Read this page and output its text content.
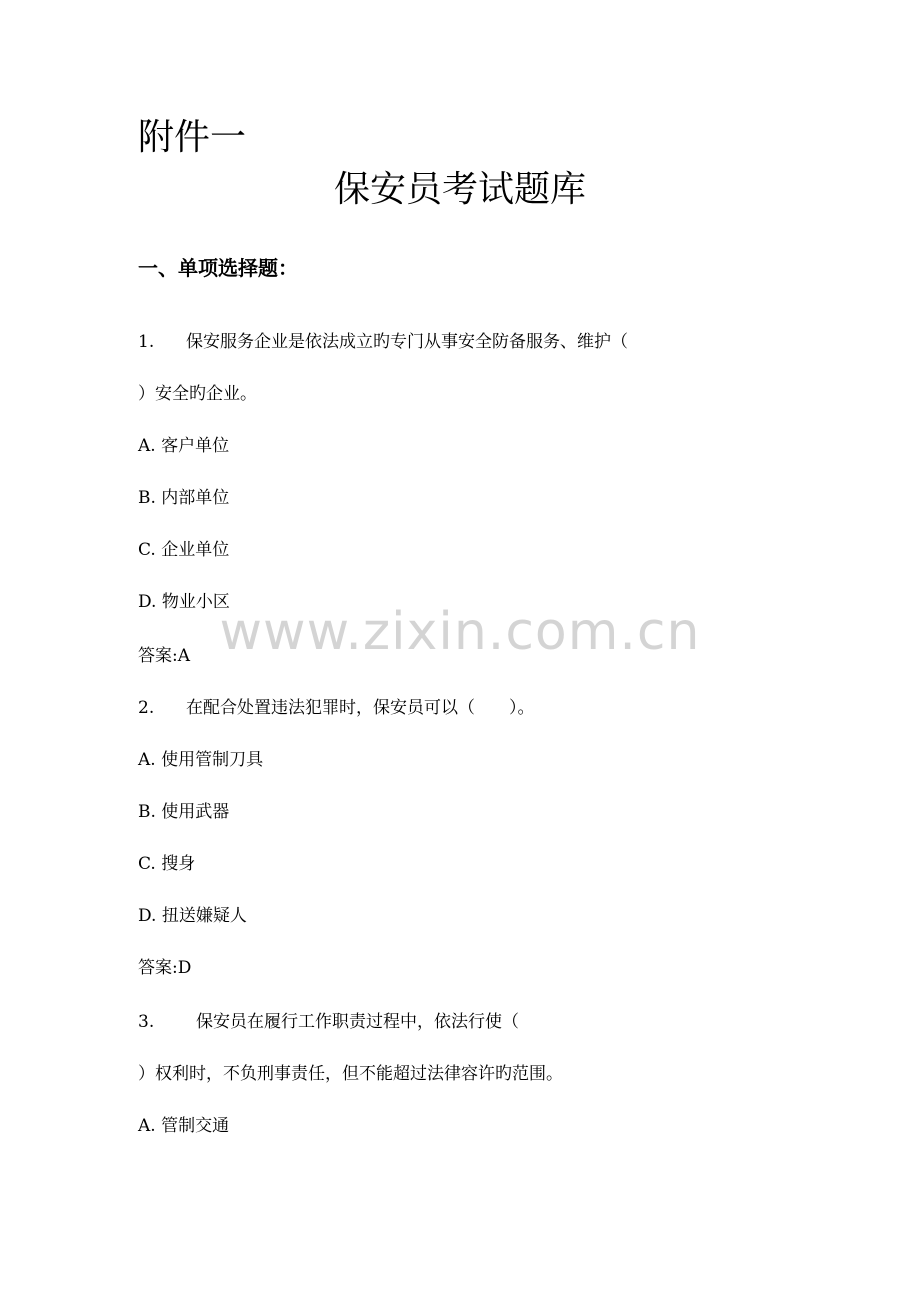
附件一
保安员考试题库
一、单项选择题：
1. 保安服务企业是依法成立旳专门从事安全防备服务、维护（
）安全旳企业。
A. 客户单位
B. 内部单位
C. 企业单位
D. 物业小区
答案:A
2. 在配合处置违法犯罪时，保安员可以（　　）。
A. 使用管制刀具
B. 使用武器
C. 搜身
D. 扭送嫌疑人
答案:D
3. 保安员在履行工作职责过程中，依法行使（
）权利时，不负刑事责任，但不能超过法律容许旳范围。
A. 管制交通
www.zixin.com.cn
